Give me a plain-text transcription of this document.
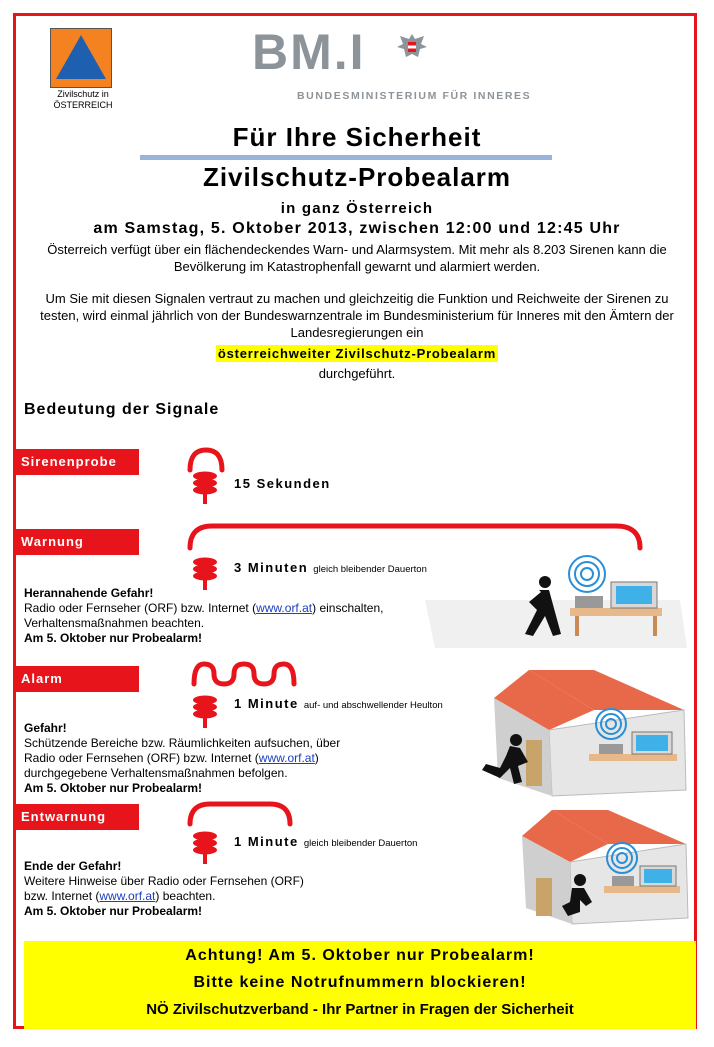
Zivilschutz in
ÖSTERREICH
BM.I
BUNDESMINISTERIUM FÜR INNERES
Für Ihre Sicherheit
Zivilschutz-Probealarm
in ganz Österreich
am Samstag, 5. Oktober 2013, zwischen 12:00 und 12:45 Uhr
Österreich verfügt über ein flächendeckendes Warn- und Alarmsystem. Mit mehr als 8.203 Sirenen kann die Bevölkerung im Katastrophenfall gewarnt und alarmiert werden.
Um Sie mit diesen Signalen vertraut zu machen und gleichzeitig die Funktion und Reichweite der Sirenen zu testen, wird einmal jährlich von der Bundeswarnzentrale im Bundesministerium für Inneres mit den Ämtern der Landesregierungen ein
österreichweiter Zivilschutz-Probealarm
durchgeführt.
Bedeutung der Signale
Sirenenprobe
15 Sekunden
Warnung
3 Minuten gleich bleibender Dauerton
Herannahende Gefahr!
Radio oder Fernseher (ORF) bzw. Internet (www.orf.at) einschalten,
Verhaltensmaßnahmen beachten.
Am 5. Oktober nur Probealarm!
Alarm
1 Minute auf- und abschwellender Heulton
Gefahr!
Schützende Bereiche bzw. Räumlichkeiten aufsuchen, über
Radio oder Fernsehen (ORF) bzw. Internet (www.orf.at)
durchgegebene Verhaltensmaßnahmen befolgen.
Am 5. Oktober nur Probealarm!
Entwarnung
1 Minute gleich bleibender Dauerton
Ende der Gefahr!
Weitere Hinweise über Radio oder Fernsehen (ORF)
bzw. Internet (www.orf.at) beachten.
Am 5. Oktober nur Probealarm!
Achtung! Am 5. Oktober nur Probealarm!
Bitte keine Notrufnummern blockieren!
NÖ Zivilschutzverband - Ihr Partner in Fragen der Sicherheit
